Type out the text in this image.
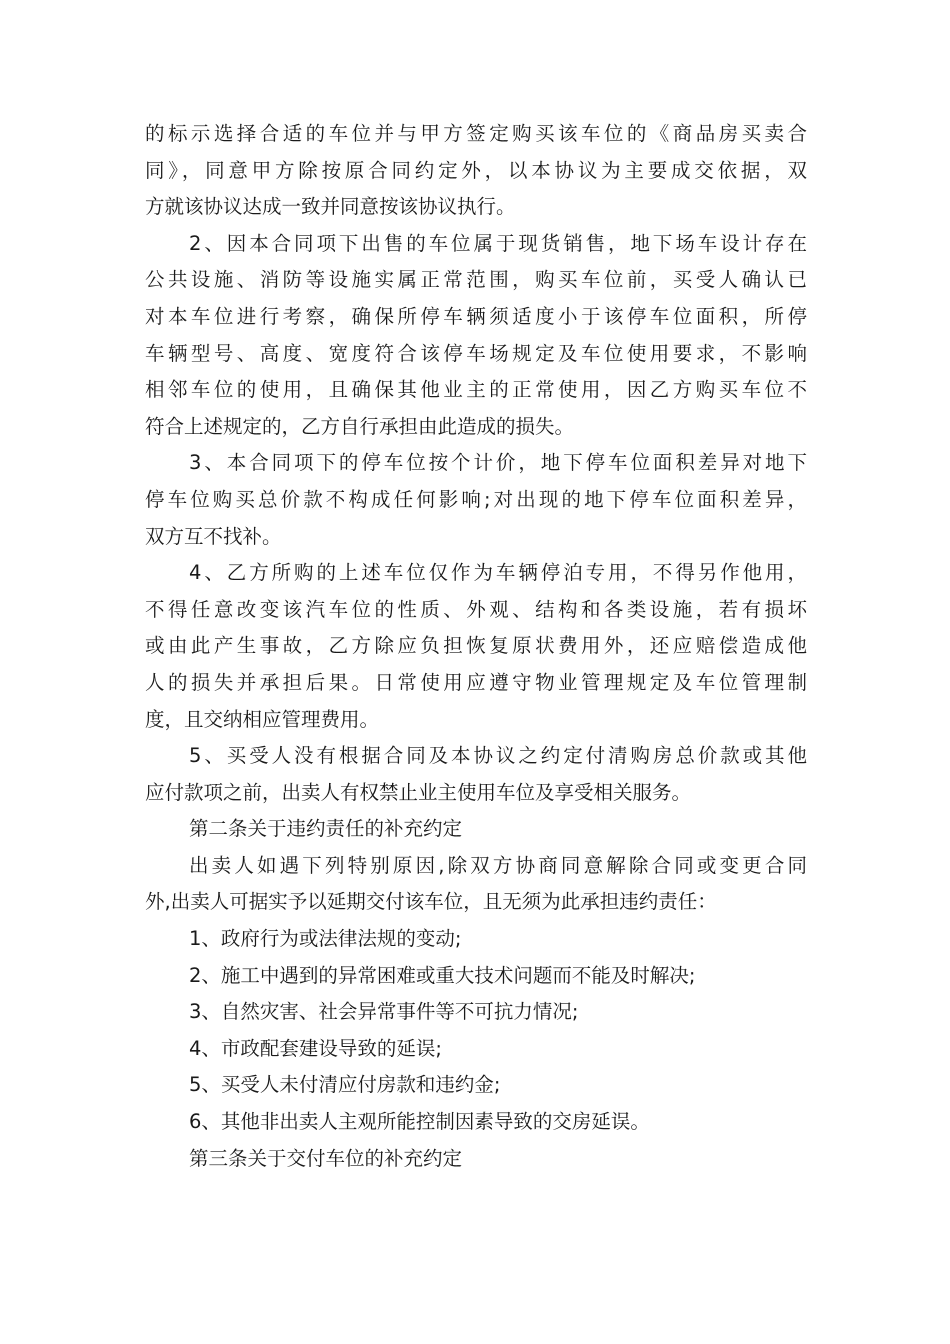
的标示选择合适的车位并与甲方签定购买该车位的《商品房买卖合
同》，同意甲方除按原合同约定外，以本协议为主要成交依据，双
方就该协议达成一致并同意按该协议执行。
2、因本合同项下出售的车位属于现货销售，地下场车设计存在
公共设施、消防等设施实属正常范围，购买车位前，买受人确认已
对本车位进行考察，确保所停车辆须适度小于该停车位面积，所停
车辆型号、高度、宽度符合该停车场规定及车位使用要求，不影响
相邻车位的使用，且确保其他业主的正常使用，因乙方购买车位不
符合上述规定的，乙方自行承担由此造成的损失。
3、本合同项下的停车位按个计价，地下停车位面积差异对地下
停车位购买总价款不构成任何影响;对出现的地下停车位面积差异，
双方互不找补。
4、乙方所购的上述车位仅作为车辆停泊专用，不得另作他用，
不得任意改变该汽车位的性质、外观、结构和各类设施，若有损坏
或由此产生事故，乙方除应负担恢复原状费用外，还应赔偿造成他
人的损失并承担后果。日常使用应遵守物业管理规定及车位管理制
度，且交纳相应管理费用。
5、买受人没有根据合同及本协议之约定付清购房总价款或其他
应付款项之前，出卖人有权禁止业主使用车位及享受相关服务。
第二条关于违约责任的补充约定
出卖人如遇下列特别原因,除双方协商同意解除合同或变更合同
外,出卖人可据实予以延期交付该车位，且无须为此承担违约责任：
1、政府行为或法律法规的变动;
2、施工中遇到的异常困难或重大技术问题而不能及时解决;
3、自然灾害、社会异常事件等不可抗力情况;
4、市政配套建设导致的延误;
5、买受人未付清应付房款和违约金;
6、其他非出卖人主观所能控制因素导致的交房延误。
第三条关于交付车位的补充约定
